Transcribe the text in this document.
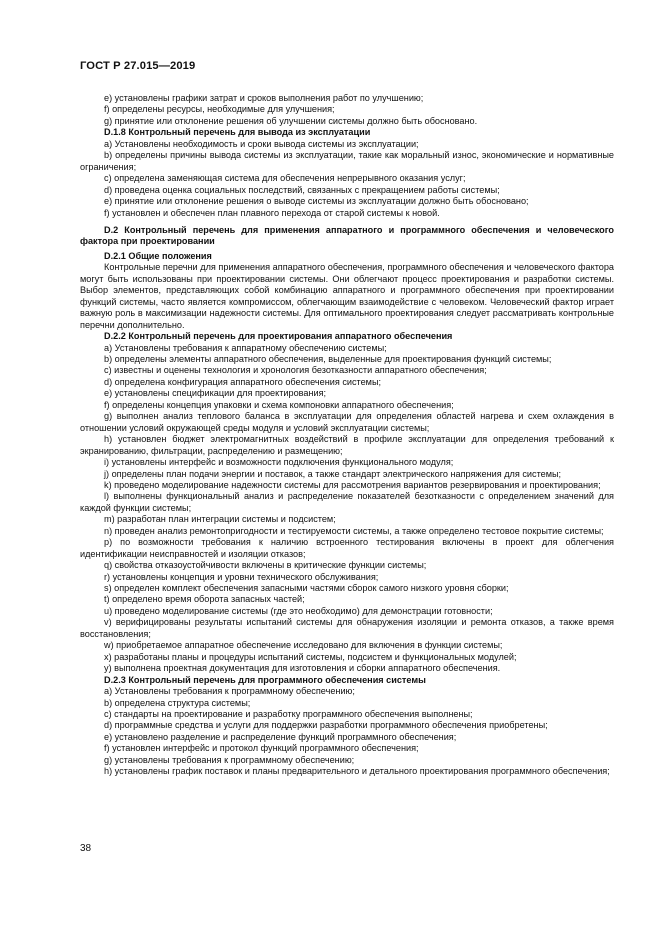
ГОСТ Р 27.015—2019

e) установлены графики затрат и сроков выполнения работ по улучшению;

f) определены ресурсы, необходимые для улучшения;

g) принятие или отклонение решения об улучшении системы должно быть обосновано.

D.1.8 Контрольный перечень для вывода из эксплуатации

a) Установлены необходимость и сроки вывода системы из эксплуатации;

b) определены причины вывода системы из эксплуатации, такие как моральный износ, экономические и нормативные ограничения;

c) определена заменяющая система для обеспечения непрерывного оказания услуг;

d) проведена оценка социальных последствий, связанных с прекращением работы системы;

e) принятие или отклонение решения о выводе системы из эксплуатации должно быть обосновано;

f) установлен и обеспечен план плавного перехода от старой системы к новой.

D.2 Контрольный перечень для применения аппаратного и программного обеспечения и человеческого фактора при проектировании

D.2.1 Общие положения

Контрольные перечни для применения аппаратного обеспечения, программного обеспечения и человеческого фактора могут быть использованы при проектировании системы. Они облегчают процесс проектирования и разработки системы. Выбор элементов, представляющих собой комбинацию аппаратного и программного обеспечения при проектировании функций системы, часто является компромиссом, облегчающим взаимодействие с человеком. Человеческий фактор играет важную роль в максимизации надежности системы. Для оптимального проектирования следует рассматривать контрольные перечни дополнительно.

D.2.2 Контрольный перечень для проектирования аппаратного обеспечения

a) Установлены требования к аппаратному обеспечению системы;

b) определены элементы аппаратного обеспечения, выделенные для проектирования функций системы;

c) известны и оценены технология и хронология безотказности аппаратного обеспечения;

d) определена конфигурация аппаратного обеспечения системы;

e) установлены спецификации для проектирования;

f) определены концепция упаковки и схема компоновки аппаратного обеспечения;

g) выполнен анализ теплового баланса в эксплуатации для определения областей нагрева и схем охлаждения в отношении условий окружающей среды модуля и условий эксплуатации системы;

h) установлен бюджет электромагнитных воздействий в профиле эксплуатации для определения требований к экранированию, фильтрации, распределению и размещению;

i) установлены интерфейс и возможности подключения функционального модуля;

j) определены план подачи энергии и поставок, а также стандарт электрического напряжения для системы;

k) проведено моделирование надежности системы для рассмотрения вариантов резервирования и проектирования;

l) выполнены функциональный анализ и распределение показателей безотказности с определением значений для каждой функции системы;

m) разработан план интеграции системы и подсистем;

n) проведен анализ ремонтопригодности и тестируемости системы, а также определено тестовое покрытие системы;

p) по возможности требования к наличию встроенного тестирования включены в проект для облегчения идентификации неисправностей и изоляции отказов;

q) свойства отказоустойчивости включены в критические функции системы;

r) установлены концепция и уровни технического обслуживания;

s) определен комплект обеспечения запасными частями сборок самого низкого уровня сборки;

t) определено время оборота запасных частей;

u) проведено моделирование системы (где это необходимо) для демонстрации готовности;

v) верифицированы результаты испытаний системы для обнаружения изоляции и ремонта отказов, а также время восстановления;

w) приобретаемое аппаратное обеспечение исследовано для включения в функции системы;

x) разработаны планы и процедуры испытаний системы, подсистем и функциональных модулей;

y) выполнена проектная документация для изготовления и сборки аппаратного обеспечения.

D.2.3 Контрольный перечень для программного обеспечения системы

a) Установлены требования к программному обеспечению;

b) определена структура системы;

c) стандарты на проектирование и разработку программного обеспечения выполнены;

d) программные средства и услуги для поддержки разработки программного обеспечения приобретены;

e) установлено разделение и распределение функций программного обеспечения;

f) установлен интерфейс и протокол функций программного обеспечения;

g) установлены требования к программному обеспечению;

h) установлены график поставок и планы предварительного и детального проектирования программного обеспечения;

38
